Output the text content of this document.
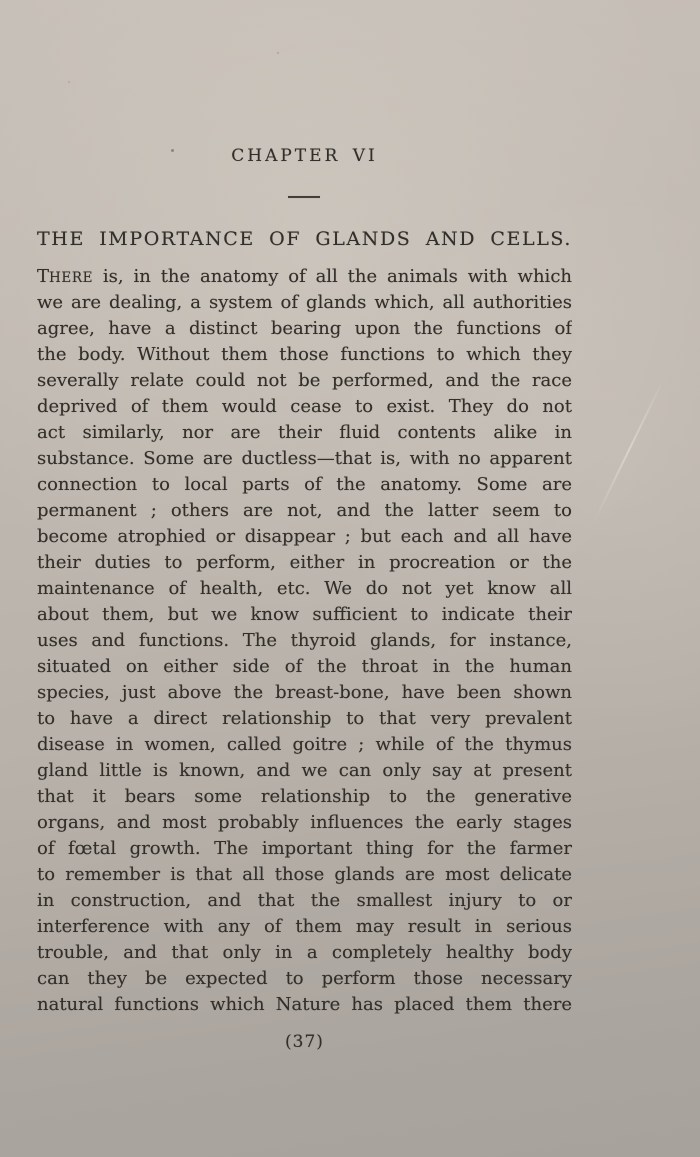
CHAPTER VI
THE IMPORTANCE OF GLANDS AND CELLS.
THERE is, in the anatomy of all the animals with which
we are dealing, a system of glands which, all authorities
agree, have a distinct bearing upon the functions of
the body. Without them those functions to which they
severally relate could not be performed, and the race
deprived of them would cease to exist. They do not
act similarly, nor are their fluid contents alike in
substance. Some are ductless—that is, with no apparent
connection to local parts of the anatomy. Some are
permanent ; others are not, and the latter seem to
become atrophied or disappear ; but each and all have
their duties to perform, either in procreation or the
maintenance of health, etc. We do not yet know all
about them, but we know sufficient to indicate their
uses and functions. The thyroid glands, for instance,
situated on either side of the throat in the human
species, just above the breast-bone, have been shown
to have a direct relationship to that very prevalent
disease in women, called goitre ; while of the thymus
gland little is known, and we can only say at present
that it bears some relationship to the generative
organs, and most probably influences the early stages
of fœtal growth. The important thing for the farmer
to remember is that all those glands are most delicate
in construction, and that the smallest injury to or
interference with any of them may result in serious
trouble, and that only in a completely healthy body
can they be expected to perform those necessary
natural functions which Nature has placed them there
(37)
